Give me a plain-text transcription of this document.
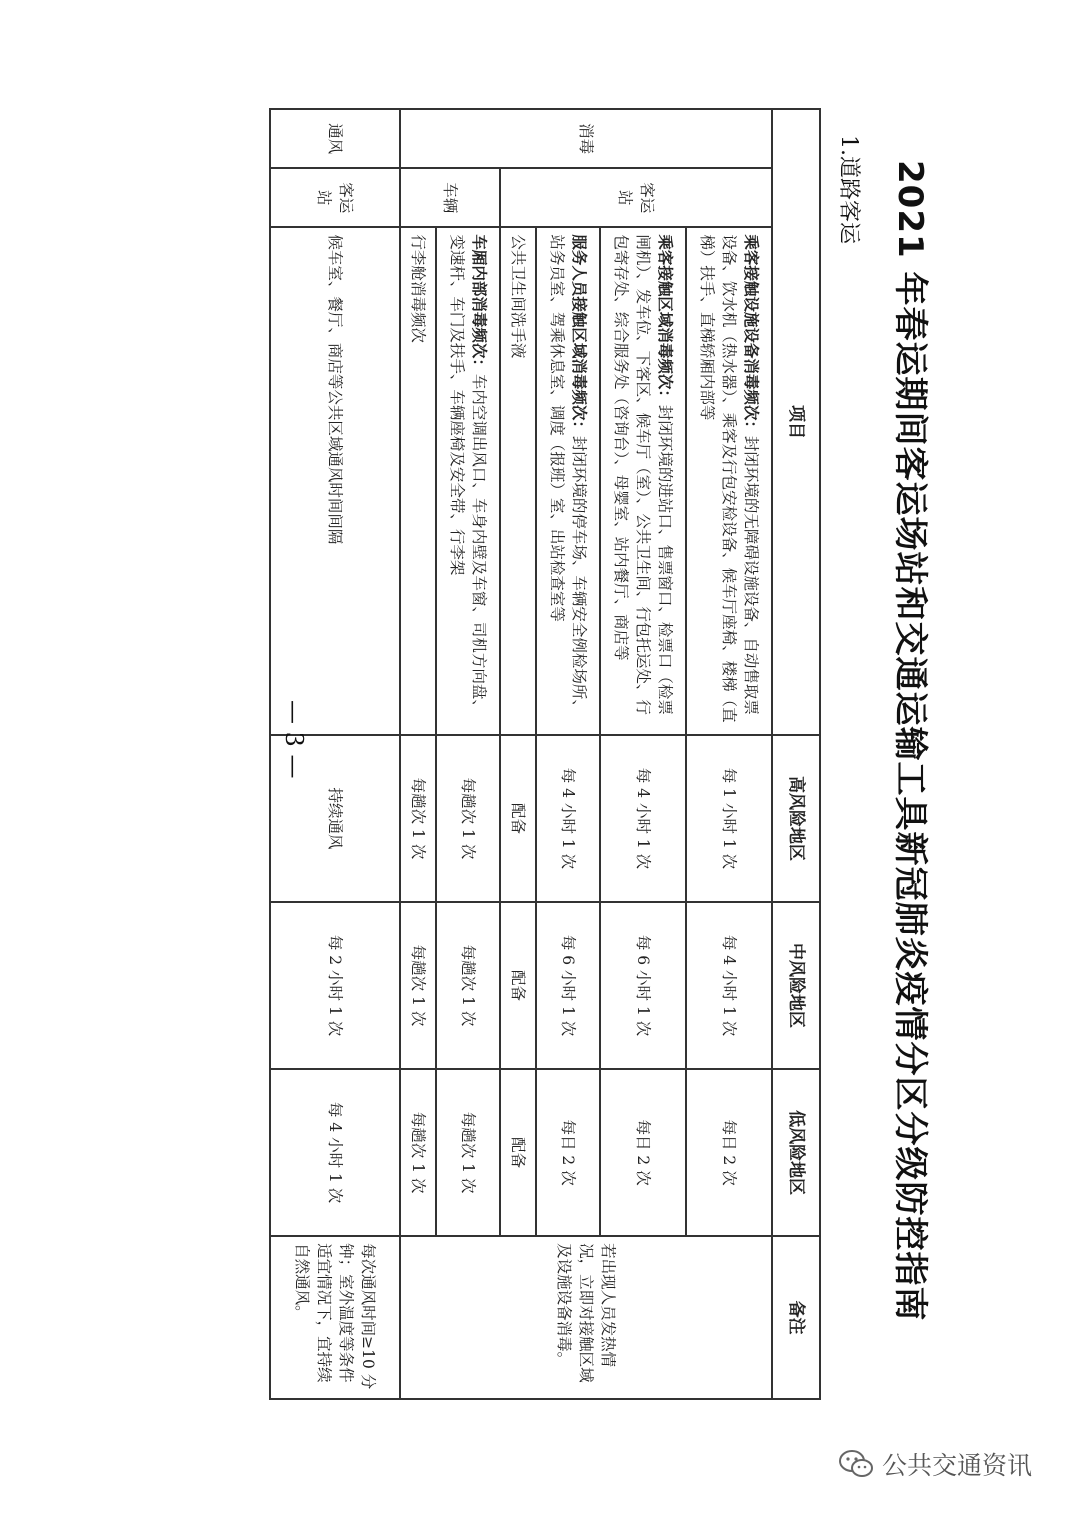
2021 年春运期间客运场站和交通运输工具新冠肺炎疫情分区分级防控指南
1.道路客运
项目			高风险地区	中风险地区	低风险地区	备注
消毒	客运站	乘客接触设施设备消毒频次：封闭环境的无障碍设施设备、自动售取票设备、饮水机（热水器）、乘客及行包安检设备、候车厅座椅、楼梯（直梯）扶手、直梯轿厢内部等	每 1 小时 1 次	每 4 小时 1 次	每日 2 次	若出现人员发热情况，立即对接触区域及设施设备消毒。
		乘客接触区域消毒频次：封闭环境的进站口、售票窗口、检票口（检票闸机）、发车位、下客区、候车厅（室）、公共卫生间、行包托运处、行包寄存处、综合服务处（咨询台）、母婴室、站内餐厅、商店等	每 4 小时 1 次	每 6 小时 1 次	每日 2 次	
		服务人员接触区域消毒频次：封闭环境的停车场、车辆安全例检场所、站务员室、驾乘休息室、调度（报班）室、出站检查室等	每 4 小时 1 次	每 6 小时 1 次	每日 2 次	
		公共卫生间洗手液	配备	配备	配备	
	车辆	车厢内部消毒频次：车内空调出风口、车身内壁及车窗、司机方向盘、变速杆、车门及扶手、车辆座椅及安全带、行李架	每趟次 1 次	每趟次 1 次	每趟次 1 次	
		行李舱消毒频次	每趟次 1 次	每趟次 1 次	每趟次 1 次	
通风	客运站	候车室、餐厅、商店等公共区域通风时间间隔	持续通风	每 2 小时 1 次	每 4 小时 1 次	每次通风时间≥10 分钟；室外温度等条件适宜情况下，宜持续自然通风。
— 3 —
公共交通资讯
